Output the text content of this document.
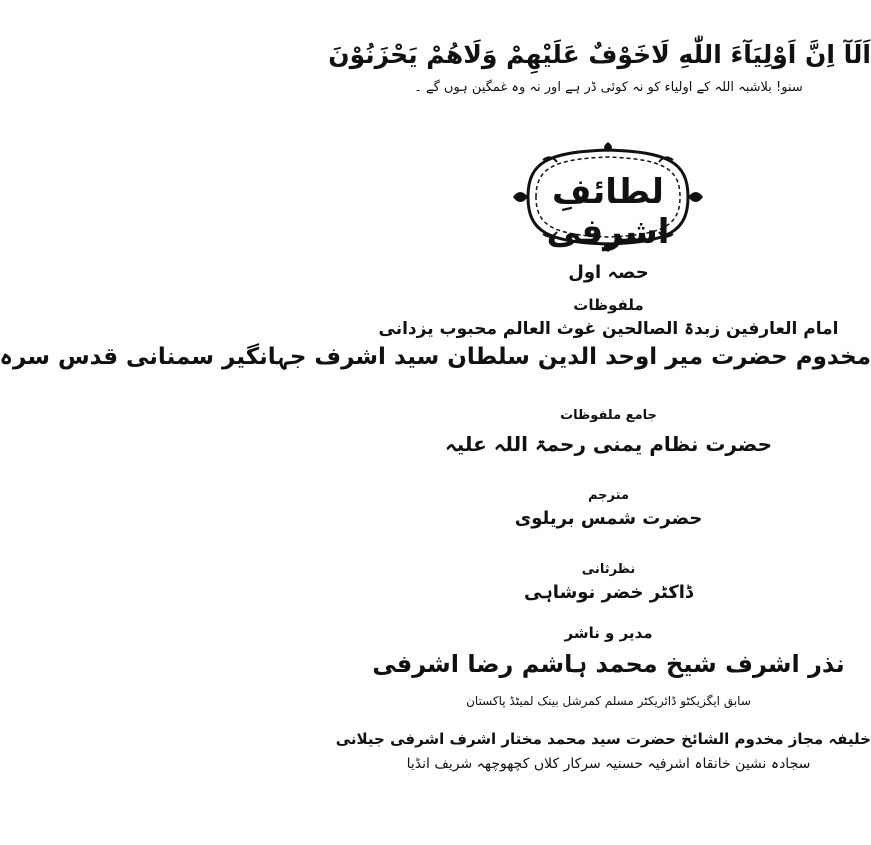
اَلَآ اِنَّ اَوْلِيَآءَ اللّٰهِ لَاخَوْفٌ عَلَيْهِمْ وَلَاهُمْ يَحْزَنُوْنَ
سنو! بلاشبہ اللہ کے اولیاء کو نہ کوئی ڈر ہے اور نہ وہ غمگین ہوں گے ۔
لطائفِ اشرفی
حصہ اول
ملفوظات
امام العارفین زبدۃ الصالحین غوث العالم محبوب یزدانی
مخدوم حضرت میر اوحد الدین سلطان سید اشرف جہانگیر سمنانی قدس سرہ
جامع ملفوظات
حضرت نظام یمنی رحمۃ اللہ علیہ
مترجم
حضرت شمس بریلوی
نظرثانی
ڈاکٹر خضر نوشاہی
مدیر و ناشر
نذر اشرف شیخ محمد ہاشم رضا اشرفی
سابق ایگزیکٹو ڈائریکٹر مسلم کمرشل بینک لمیٹڈ پاکستان
خلیفہ مجاز مخدوم الشائخ حضرت سید محمد مختار اشرف اشرفی جیلانی
سجادہ نشین خانقاہ اشرفیہ حسنیہ سرکار کلاں کچھوچھہ شریف انڈیا
